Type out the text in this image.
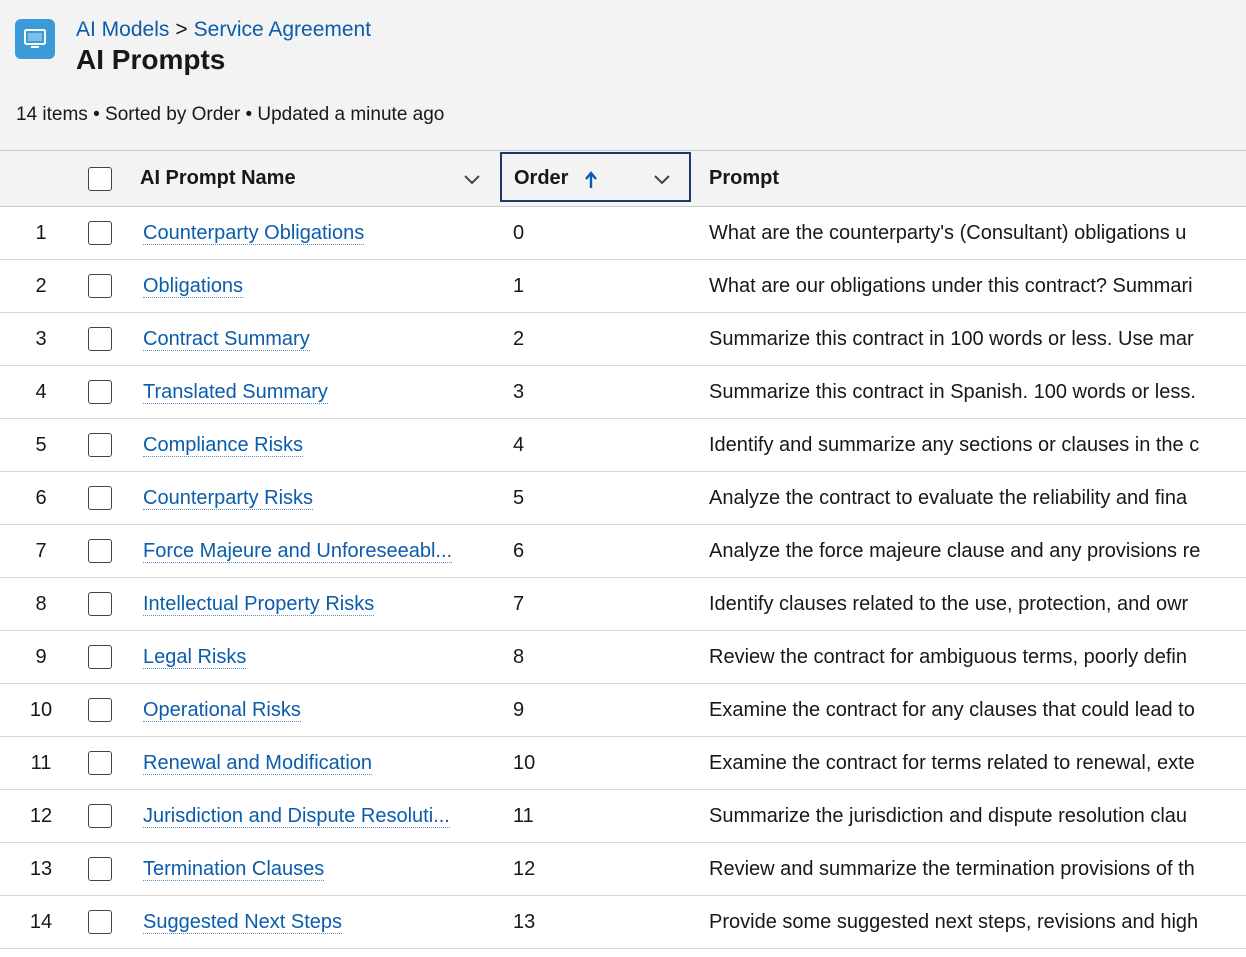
AI Models > Service Agreement
AI Prompts
14 items • Sorted by Order • Updated a minute ago
		AI Prompt Name	Order	Prompt
1		Counterparty Obligations	0	What are the counterparty's (Consultant) obligations u
2		Obligations	1	What are our obligations under this contract? Summari
3		Contract Summary	2	Summarize this contract in 100 words or less. Use mar
4		Translated Summary	3	Summarize this contract in Spanish. 100 words or less.
5		Compliance Risks	4	Identify and summarize any sections or clauses in the c
6		Counterparty Risks	5	Analyze the contract to evaluate the reliability and fina
7		Force Majeure and Unforeseeabl...	6	Analyze the force majeure clause and any provisions re
8		Intellectual Property Risks	7	Identify clauses related to the use, protection, and owr
9		Legal Risks	8	Review the contract for ambiguous terms, poorly defin
10		Operational Risks	9	Examine the contract for any clauses that could lead to
11		Renewal and Modification	10	Examine the contract for terms related to renewal, exte
12		Jurisdiction and Dispute Resoluti...	11	Summarize the jurisdiction and dispute resolution clau
13		Termination Clauses	12	Review and summarize the termination provisions of th
14		Suggested Next Steps	13	Provide some suggested next steps, revisions and high
